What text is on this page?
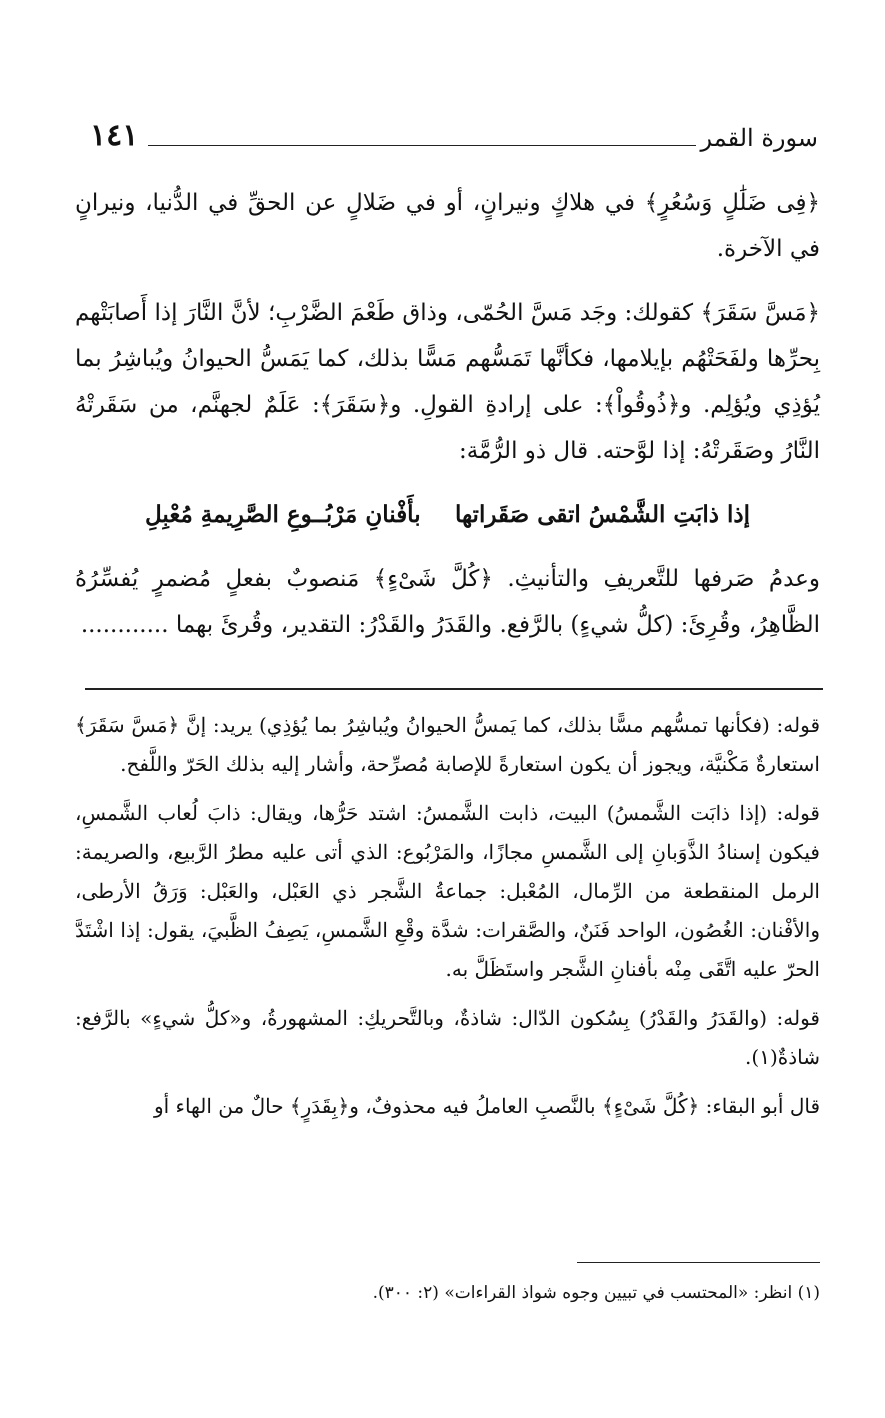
سورة القمر
١٤١

﴿فِى ضَلَٰلٍ وَسُعُرٍ﴾ في هلاكٍ ونيرانٍ، أو في ضَلالٍ عن الحقِّ في الدُّنيا، ونيرانٍ في الآخرة.

﴿مَسَّ سَقَرَ﴾ كقولك: وجَد مَسَّ الحُمّى، وذاق طَعْمَ الضَّرْبِ؛ لأنَّ النَّارَ إذا أَصابَتْهم بِحرِّها ولفَحَتْهُم بإيلامها، فكأنَّها تَمَسُّهم مَسًّا بذلك، كما يَمَسُّ الحيوانُ ويُباشِرُ بما يُؤذِي ويُؤلِم. و﴿ذُوقُواْ﴾: على إرادةِ القولِ. و﴿سَقَرَ﴾: عَلَمٌ لجهنَّم، من سَقَرتْهُ النَّارُ وصَقَرتْهُ: إذا لوَّحته. قال ذو الرُّمَّة:

إذا ذابَتِ الشَّمْسُ اتقى صَقَراتها
بأَفْنانِ مَرْبُــوعِ الصَّرِيمةِ مُعْبِلِ

وعدمُ صَرفها للتَّعريفِ والتأنيثِ. ﴿كُلَّ شَىْءٍ﴾ مَنصوبٌ بفعلٍ مُضمرٍ يُفسِّرُهُ الظَّاهِرُ، وقُرِئَ: (كلُّ شيءٍ) بالرَّفع. والقَدَرُ والقَدْرُ: التقدير، وقُرئَ بهما ............

قوله: (فكأنها تمسُّهم مسًّا بذلك، كما يَمسُّ الحيوانُ ويُباشِرُ بما يُؤذِي) يريد: إنَّ ﴿مَسَّ سَقَرَ﴾ استعارةٌ مَكْنيَّة، ويجوز أن يكون استعارةً للإصابة مُصرِّحة، وأشار إليه بذلك الحَرّ واللَّفح.

قوله: (إذا ذابَت الشَّمسُ) البيت، ذابت الشَّمسُ: اشتد حَرُّها، ويقال: ذابَ لُعاب الشَّمسِ، فيكون إسنادُ الذَّوَبانِ إلى الشَّمسِ مجازًا، والمَرْبُوع: الذي أتى عليه مطرُ الرَّبيع، والصريمة: الرمل المنقطعة من الرِّمال، المُعْبل: جماعةُ الشَّجر ذي العَبْل، والعَبْل: وَرَقُ الأرطى، والأفْنان: الغُصُون، الواحد فَنَنٌ، والصَّقرات: شدَّة وقْعِ الشَّمسِ، يَصِفُ الظَّبيَ، يقول: إذا اشْتَدَّ الحرّ عليه اتَّقَى مِنْه بأفنانِ الشَّجر واستَظَلَّ به.

قوله: (والقَدَرُ والقَدْرُ) بِسُكون الدّال: شاذةٌ، وبالتَّحريكِ: المشهورةُ، و«كلُّ شيءٍ» بالرَّفع: شاذةٌ(١).

قال أبو البقاء: ﴿كُلَّ شَىْءٍ﴾ بالنَّصبِ العاملُ فيه محذوفٌ، و﴿بِقَدَرٍ﴾ حالٌ من الهاء أو

(١) انظر: «المحتسب في تبيين وجوه شواذ القراءات» (٢: ٣٠٠).
